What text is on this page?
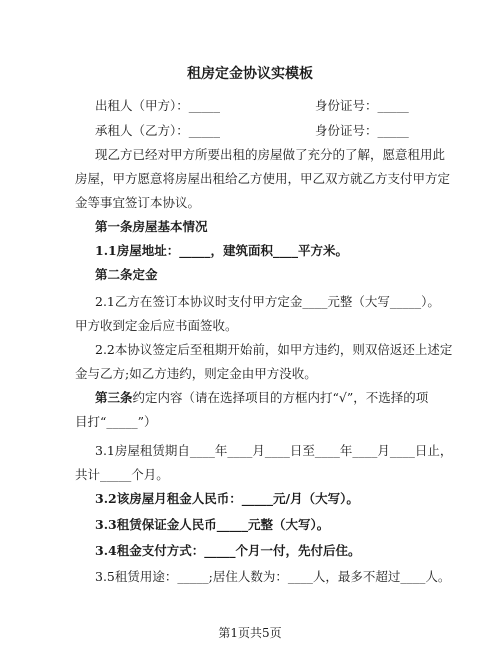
租房定金协议实模板
出租人（甲方）：_____	身份证号：_____
承租人（乙方）：_____	身份证号：_____
现乙方已经对甲方所要出租的房屋做了充分的了解，愿意租用此
房屋，甲方愿意将房屋出租给乙方使用，甲乙双方就乙方支付甲方定
金等事宜签订本协议。
第一条房屋基本情况
1.1房屋地址：_____，建筑面积____平方米。
第二条定金
2.1乙方在签订本协议时支付甲方定金____元整（大写_____）。
甲方收到定金后应书面签收。
2.2本协议签定后至租期开始前，如甲方违约，则双倍返还上述定
金与乙方;如乙方违约，则定金由甲方没收。
第三条约定内容（请在选择项目的方框内打“√”，不选择的项
目打“_____”）
3.1房屋租赁期自____年____月____日至____年____月____日止，
共计_____个月。
3.2该房屋月租金人民币：_____元/月（大写）。
3.3租赁保证金人民币_____元整（大写）。
3.4租金支付方式：_____个月一付，先付后住。
3.5租赁用途：_____;居住人数为：____人，最多不超过____人。
第1页共5页
